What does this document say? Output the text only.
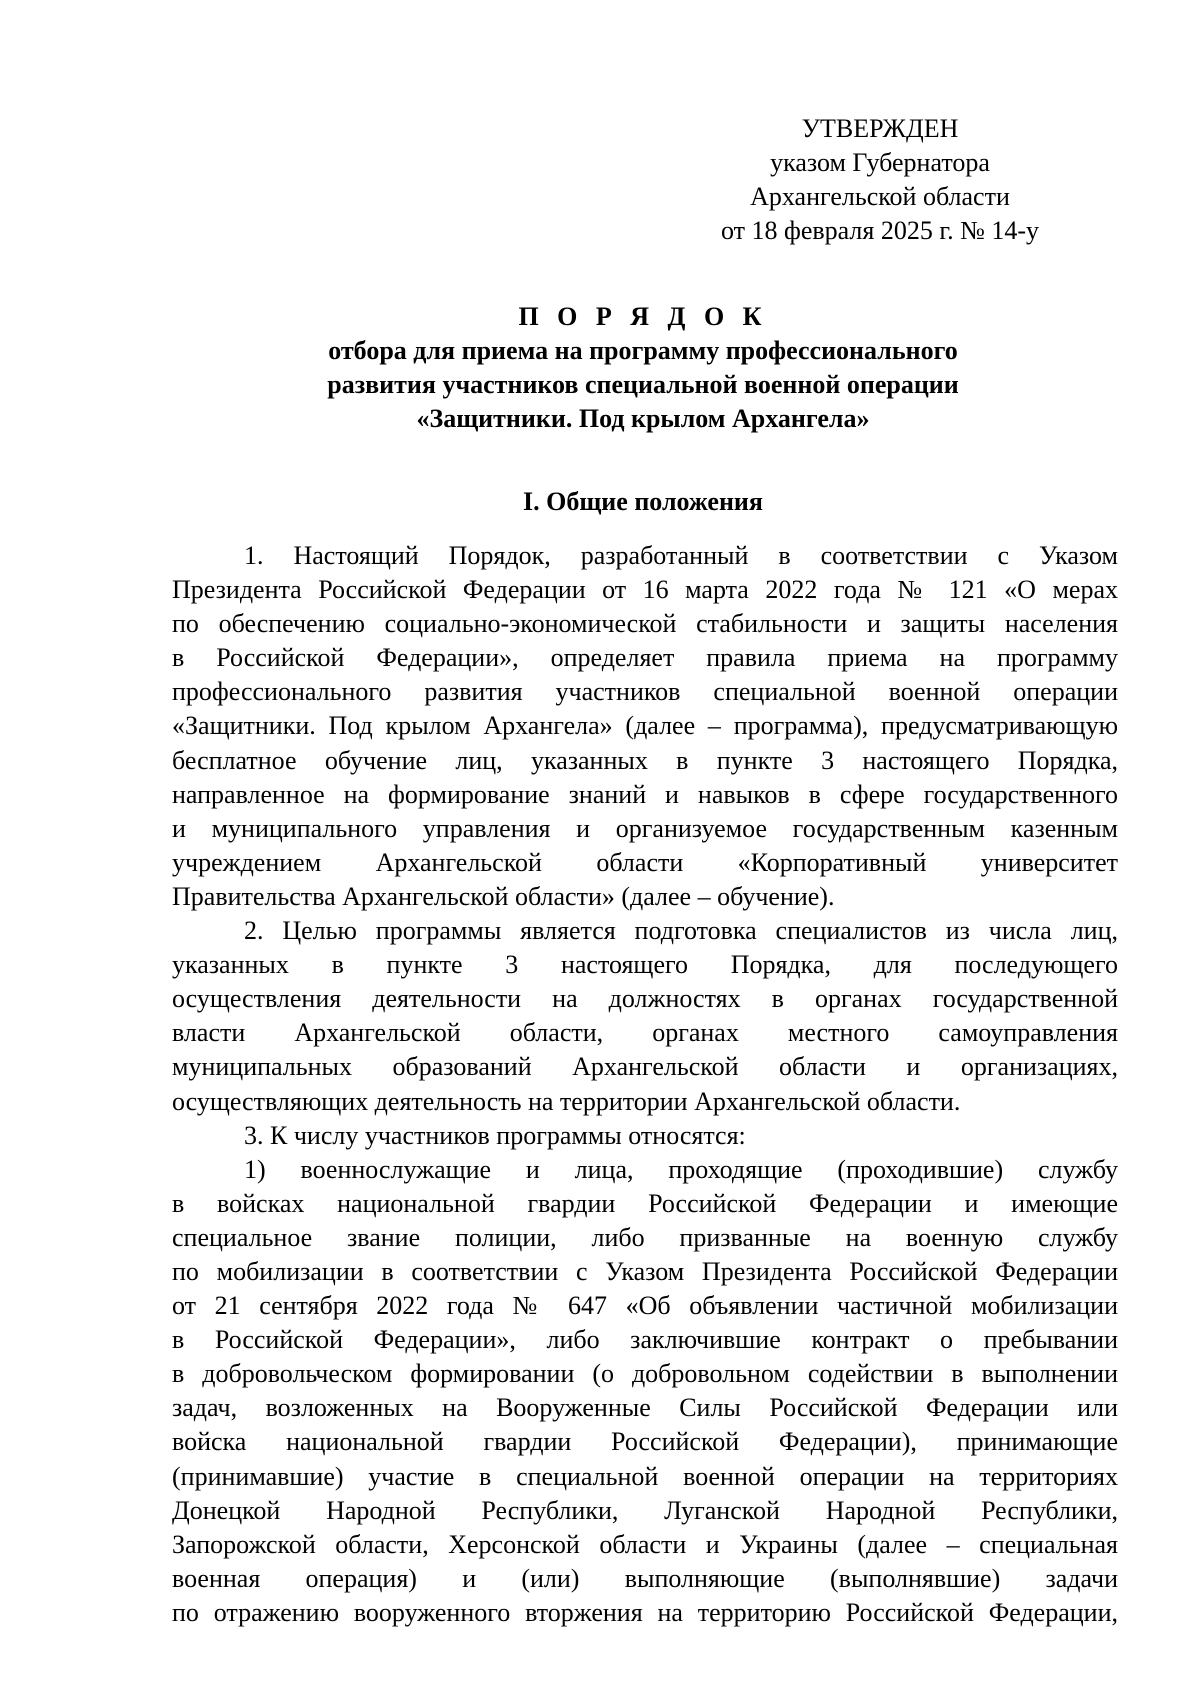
УТВЕРЖДЕН
указом Губернатора
Архангельской области
от 18 февраля 2025 г. № 14-у
П О Р Я Д О К
отбора для приема на программу профессионального
развития участников специальной военной операции
«Защитники. Под крылом Архангела»
I. Общие положения
1. Настоящий Порядок, разработанный в соответствии с Указом
Президента Российской Федерации от 16 марта 2022 года № 121 «О мерах
по обеспечению социально-экономической стабильности и защиты населения
в Российской Федерации», определяет правила приема на программу
профессионального развития участников специальной военной операции
«Защитники. Под крылом Архангела» (далее – программа), предусматривающую
бесплатное обучение лиц, указанных в пункте 3 настоящего Порядка,
направленное на формирование знаний и навыков в сфере государственного
и муниципального управления и организуемое государственным казенным
учреждением Архангельской области «Корпоративный университет
Правительства Архангельской области» (далее – обучение).
2. Целью программы является подготовка специалистов из числа лиц,
указанных в пункте 3 настоящего Порядка, для последующего
осуществления деятельности на должностях в органах государственной
власти Архангельской области, органах местного самоуправления
муниципальных образований Архангельской области и организациях,
осуществляющих деятельность на территории Архангельской области.
3. К числу участников программы относятся:
1) военнослужащие и лица, проходящие (проходившие) службу
в войсках национальной гвардии Российской Федерации и имеющие
специальное звание полиции, либо призванные на военную службу
по мобилизации в соответствии с Указом Президента Российской Федерации
от 21 сентября 2022 года № 647 «Об объявлении частичной мобилизации
в Российской Федерации», либо заключившие контракт о пребывании
в добровольческом формировании (о добровольном содействии в выполнении
задач, возложенных на Вооруженные Силы Российской Федерации или
войска национальной гвардии Российской Федерации), принимающие
(принимавшие) участие в специальной военной операции на территориях
Донецкой Народной Республики, Луганской Народной Республики,
Запорожской области, Херсонской области и Украины (далее – специальная
военная операция) и (или) выполняющие (выполнявшие) задачи
по отражению вооруженного вторжения на территорию Российской Федерации,
